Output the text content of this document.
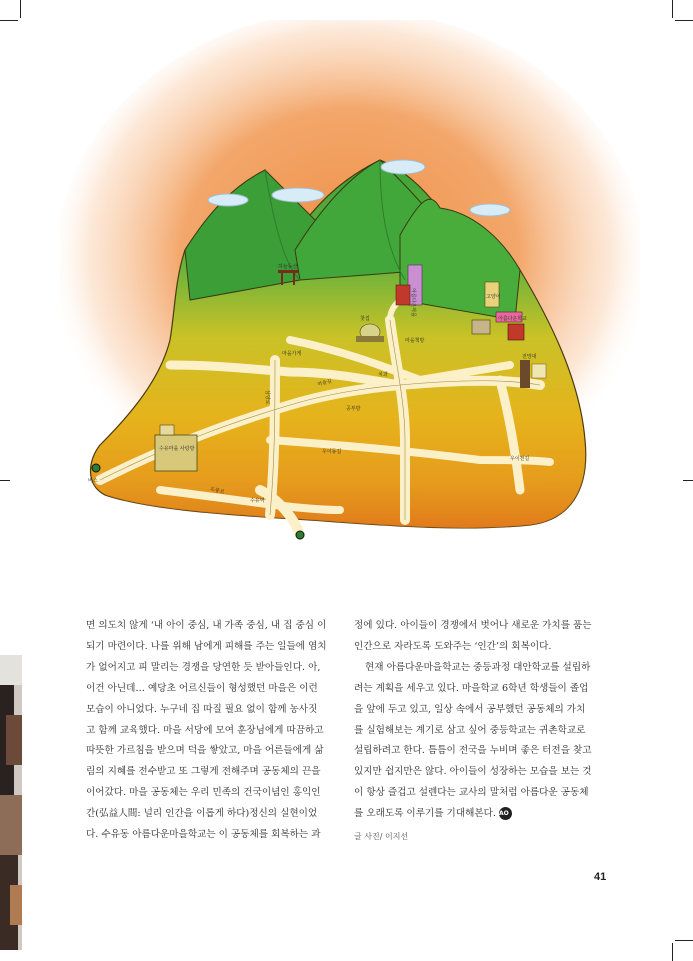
하늘동산
아름다운마을	고양이
아름다운학교
찻집
마을책방
마을가게
치과
공부방
전망대
마을길
삼양로
우이동길
수유마을 사랑방
버스
도봉로
수유역
우이천길

면 의도치 않게 ‘내 아이 중심, 내 가족 중심, 내 집 중심 이

되기 마련이다. 나를 위해 남에게 피해를 주는 일들에 염치

가 없어지고 피 말리는 경쟁을 당연한 듯 받아들인다. 아,

이건 아닌데… 예당초 어르신들이 형성했던 마을은 이런

모습이 아니었다. 누구네 집 따질 필요 없이 함께 농사짓

고 함께 교육했다. 마을 서당에 모여 훈장님에게 따끔하고

따뜻한 가르침을 받으며 덕을 쌓았고, 마을 어른들에게 삶

림의 지혜를 전수받고 또 그렇게 전해주며 공동체의 끈을

이어갔다. 마을 공동체는 우리 민족의 건국이념인 홍익인

간(弘益人間: 널리 인간을 이롭게 하다)정신의 실현이었

다. 수유동 아름다운마을학교는 이 공동체를 회복하는 과

정에 있다. 아이들이 경쟁에서 벗어나 새로운 가치를 품는

인간으로 자라도록 도와주는 ‘인간’의 회복이다.

현재 아름다운마을학교는 중등과정 대안학교를 설립하

려는 계획을 세우고 있다. 마을학교 6학년 학생들이 졸업

을 앞에 두고 있고, 일상 속에서 공부했던 공동체의 가치

를 실험해보는 계기로 삼고 싶어 중등학교는 귀촌학교로

설립하려고 한다. 틈틈이 전국을 누비며 좋은 터전을 찾고

있지만 쉽지만은 않다. 아이들이 성장하는 모습을 보는 것

이 항상 즐겁고 설렌다는 교사의 말처럼 아름다운 공동체

를 오래도록 이루기를 기대해본다. AO

글 사진/ 이지선
41
